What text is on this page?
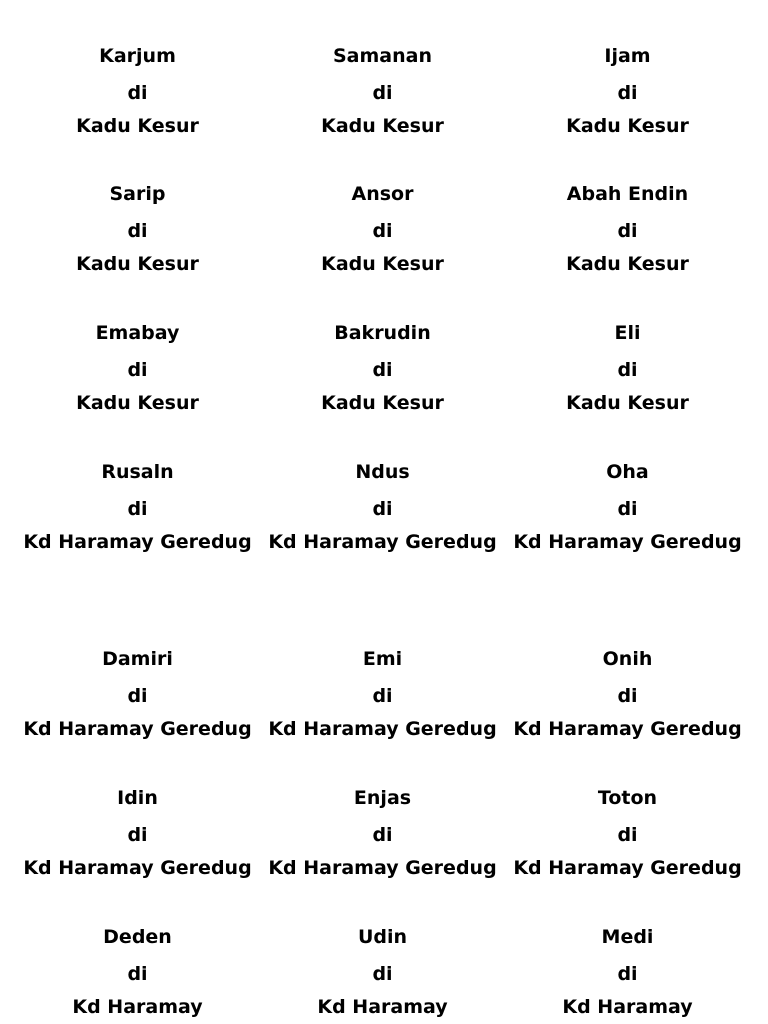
Karjum
di
Kadu Kesur
Samanan
di
Kadu Kesur
Ijam
di
Kadu Kesur
Sarip
di
Kadu Kesur
Ansor
di
Kadu Kesur
Abah Endin
di
Kadu Kesur
Emabay
di
Kadu Kesur
Bakrudin
di
Kadu Kesur
Eli
di
Kadu Kesur
Rusaln
di
Kd Haramay Geredug
Ndus
di
Kd Haramay Geredug
Oha
di
Kd Haramay Geredug
Damiri
di
Kd Haramay Geredug
Emi
di
Kd Haramay Geredug
Onih
di
Kd Haramay Geredug
Idin
di
Kd Haramay Geredug
Enjas
di
Kd Haramay Geredug
Toton
di
Kd Haramay Geredug
Deden
di
Kd Haramay
Udin
di
Kd Haramay
Medi
di
Kd Haramay
